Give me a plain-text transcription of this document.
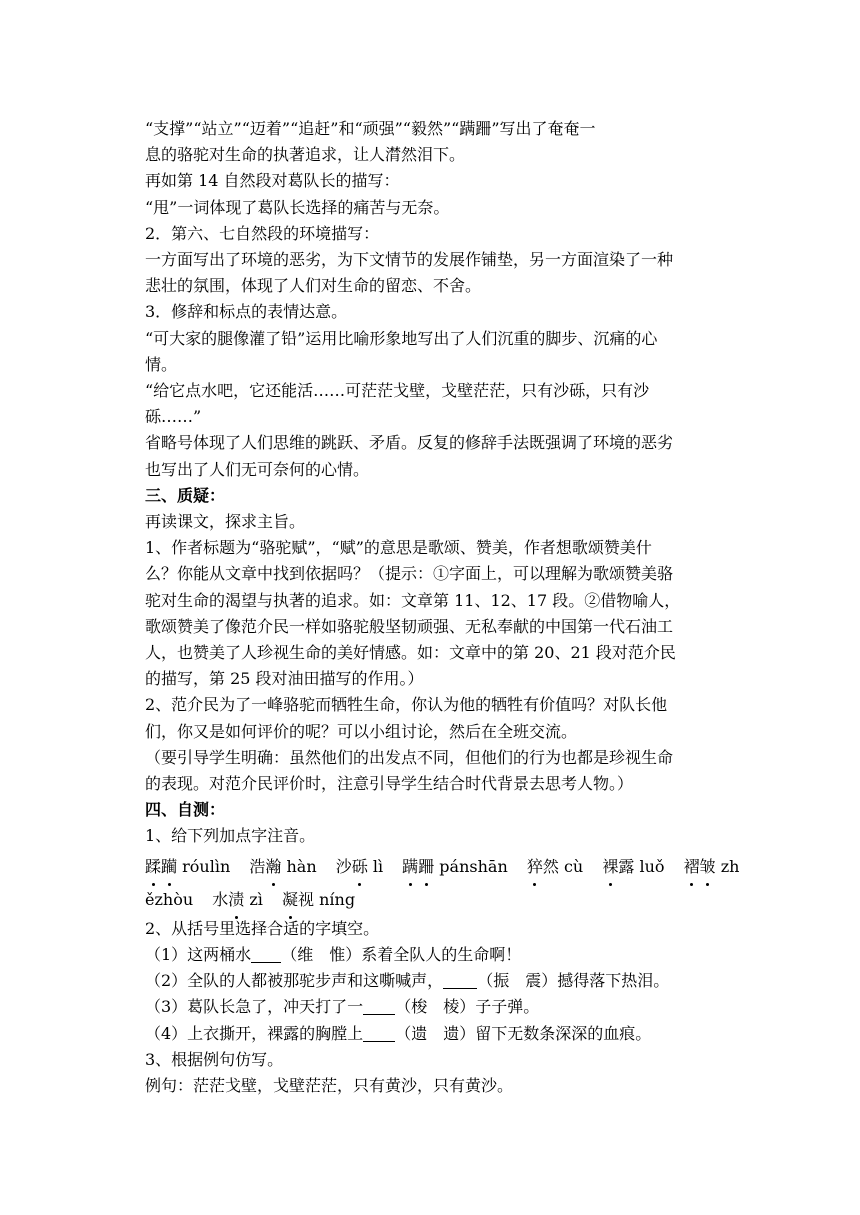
“支撑”“站立”“迈着”“追赶”和“顽强”“毅然”“蹒跚”写出了奄奄一

息的骆驼对生命的执著追求，让人潸然泪下。

再如第 14 自然段对葛队长的描写：

“甩”一词体现了葛队长选择的痛苦与无奈。

2．第六、七自然段的环境描写：

一方面写出了环境的恶劣，为下文情节的发展作铺垫，另一方面渲染了一种

悲壮的氛围，体现了人们对生命的留恋、不舍。

3．修辞和标点的表情达意。

“可大家的腿像灌了铅”运用比喻形象地写出了人们沉重的脚步、沉痛的心

情。

“给它点水吧，它还能活……可茫茫戈壁，戈壁茫茫，只有沙砾，只有沙

砾……”

省略号体现了人们思维的跳跃、矛盾。反复的修辞手法既强调了环境的恶劣

也写出了人们无可奈何的心情。

三、质疑：

再读课文，探求主旨。

1、作者标题为“骆驼赋”，“赋”的意思是歌颂、赞美，作者想歌颂赞美什

么？你能从文章中找到依据吗？（提示：①字面上，可以理解为歌颂赞美骆

驼对生命的渴望与执著的追求。如：文章第 11、12、17 段。②借物喻人，

歌颂赞美了像范介民一样如骆驼般坚韧顽强、无私奉献的中国第一代石油工

人，也赞美了人珍视生命的美好情感。如：文章中的第 20、21 段对范介民

的描写，第 25 段对油田描写的作用。）

2、范介民为了一峰骆驼而牺牲生命，你认为他的牺牲有价值吗？对队长他

们，你又是如何评价的呢？可以小组讨论，然后在全班交流。

（要引导学生明确：虽然他们的出发点不同，但他们的行为也都是珍视生命

的表现。对范介民评价时，注意引导学生结合时代背景去思考人物。）

四、自测：

1、给下列加点字注音。

蹂躏 róulìn 浩瀚 hàn 沙砾 lì 蹒跚 pánshān 猝然 cù 裸露 luǒ 褶皱 zh
ězhòu 水渍 zì 凝视 níng

2、从括号里选择合适的字填空。

（1）这两桶水 （维　惟）系着全队人的生命啊！

（2）全队的人都被那驼步声和这嘶喊声， （振　震）撼得落下热泪。

（3）葛队长急了，冲天打了一 （梭　棱）子子弹。

（4）上衣撕开，裸露的胸膛上 （遗　遗）留下无数条深深的血痕。

3、根据例句仿写。

例句：茫茫戈壁，戈壁茫茫，只有黄沙，只有黄沙。
